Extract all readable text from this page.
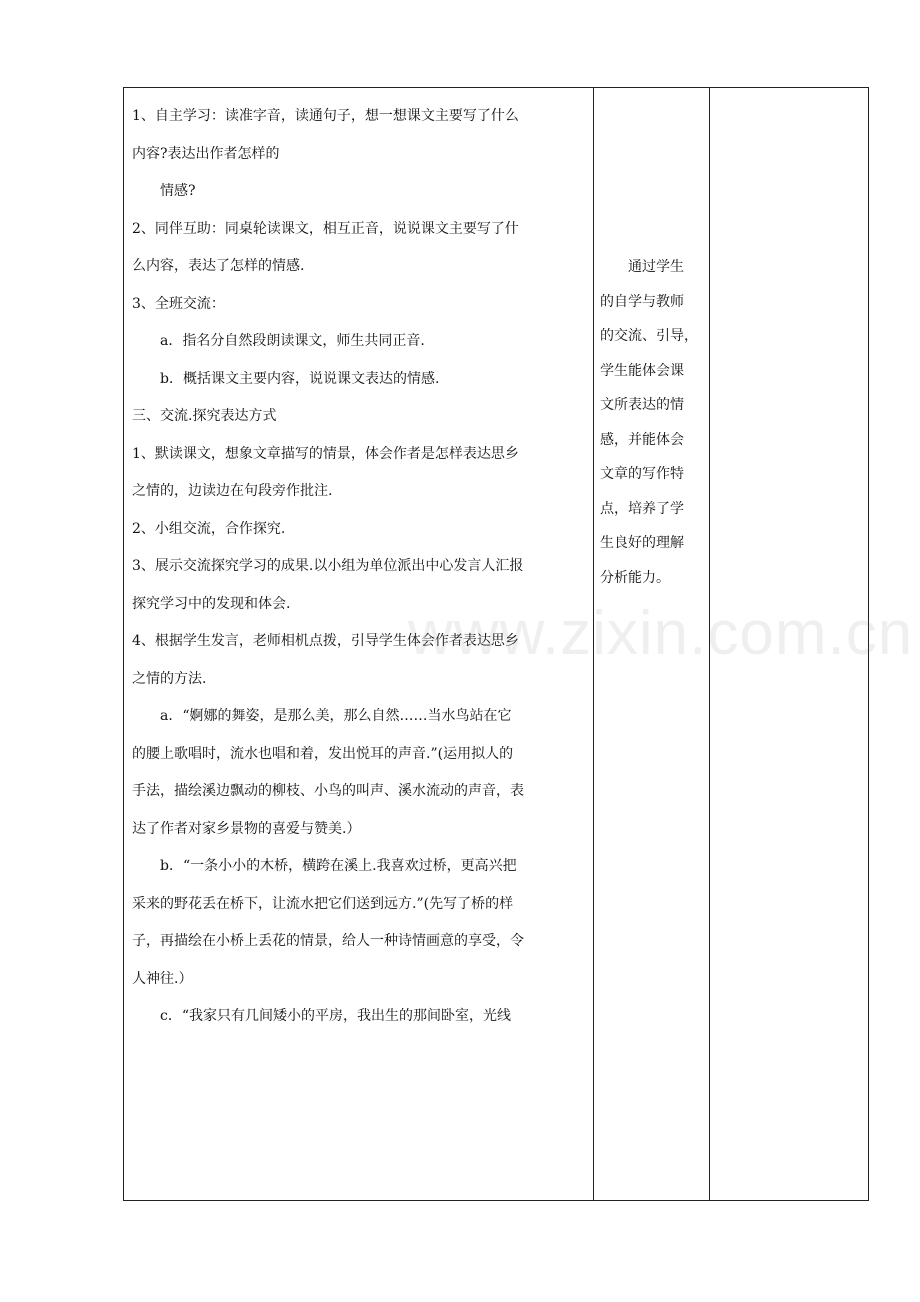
1、自主学习：读准字音，读通句子，想一想课文主要写了什么

内容?表达出作者怎样的

情感?

2、同伴互助：同桌轮读课文，相互正音，说说课文主要写了什

么内容，表达了怎样的情感.

3、全班交流：

a．指名分自然段朗读课文，师生共同正音.

b．概括课文主要内容，说说课文表达的情感.

三、交流.探究表达方式

1、默读课文，想象文章描写的情景，体会作者是怎样表达思乡

之情的，边读边在句段旁作批注.

2、小组交流，合作探究.

3、展示交流探究学习的成果.以小组为单位派出中心发言人汇报

探究学习中的发现和体会.

4、根据学生发言，老师相机点拨，引导学生体会作者表达思乡

之情的方法.

a．“婀娜的舞姿，是那么美，那么自然……当水鸟站在它

的腰上歌唱时，流水也唱和着，发出悦耳的声音.”(运用拟人的

手法，描绘溪边飘动的柳枝、小鸟的叫声、溪水流动的声音，表

达了作者对家乡景物的喜爱与赞美.）

b．“一条小小的木桥，横跨在溪上.我喜欢过桥，更高兴把

采来的野花丢在桥下，让流水把它们送到远方.”(先写了桥的样

子，再描绘在小桥上丢花的情景，给人一种诗情画意的享受，令

人神往.）

c．“我家只有几间矮小的平房，我出生的那间卧室，光线

通过学生

的自学与教师

的交流、引导，

学生能体会课

文所表达的情

感，并能体会

文章的写作特

点，培养了学

生良好的理解

分析能力。

www.zixin.com.cn
